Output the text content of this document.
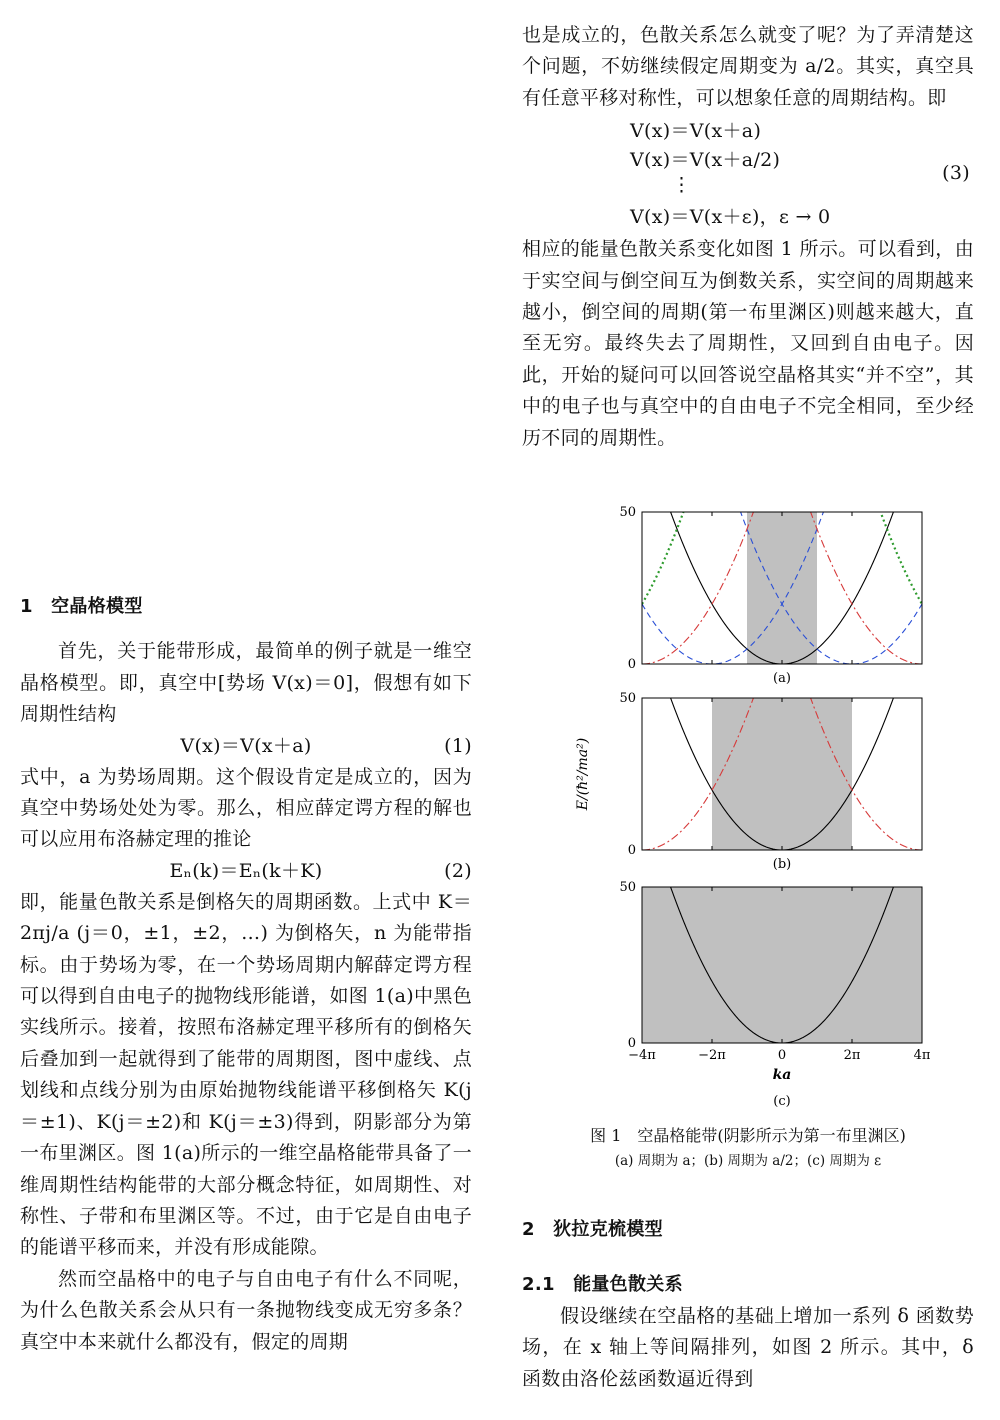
1　空晶格模型

首先，关于能带形成，最简单的例子就是一维空晶格模型。即，真空中[势场 V(x)＝0]，假想有如下周期性结构

V(x)＝V(x＋a)	(1)

式中，a 为势场周期。这个假设肯定是成立的，因为真空中势场处处为零。那么，相应薛定谔方程的解也可以应用布洛赫定理的推论

Eₙ(k)＝Eₙ(k＋K)	(2)

即，能量色散关系是倒格矢的周期函数。上式中 K＝2πj/a (j＝0，±1，±2，…) 为倒格矢，n 为能带指标。由于势场为零，在一个势场周期内解薛定谔方程可以得到自由电子的抛物线形能谱，如图 1(a)中黑色实线所示。接着，按照布洛赫定理平移所有的倒格矢后叠加到一起就得到了能带的周期图，图中虚线、点划线和点线分别为由原始抛物线能谱平移倒格矢 K(j＝±1)、K(j＝±2)和 K(j＝±3)得到，阴影部分为第一布里渊区。图 1(a)所示的一维空晶格能带具备了一维周期性结构能带的大部分概念特征，如周期性、对称性、子带和布里渊区等。不过，由于它是自由电子的能谱平移而来，并没有形成能隙。

然而空晶格中的电子与自由电子有什么不同呢，为什么色散关系会从只有一条抛物线变成无穷多条？真空中本来就什么都没有，假定的周期

也是成立的，色散关系怎么就变了呢？为了弄清楚这个问题，不妨继续假定周期变为 a/2。其实，真空具有任意平移对称性，可以想象任意的周期结构。即

V(x)＝V(x＋a)
V(x)＝V(x＋a/2)
⋮
V(x)＝V(x＋ε)，ε → 0
(3)

相应的能量色散关系变化如图 1 所示。可以看到，由于实空间与倒空间互为倒数关系，实空间的周期越来越小，倒空间的周期(第一布里渊区)则越来越大，直至无穷。最终失去了周期性，又回到自由电子。因此，开始的疑问可以回答说空晶格其实“并不空”，其中的电子也与真空中的自由电子不完全相同，至少经历不同的周期性。

0
50
(a)
0
50
(b)
0
50
(c)
−4π	−2π	0	2π	4π
ka
E/(ħ²/ma²)
图 1　空晶格能带(阴影所示为第一布里渊区)
(a) 周期为 a；(b) 周期为 a/2；(c) 周期为 ε

2　狄拉克梳模型

2.1　能量色散关系

假设继续在空晶格的基础上增加一系列 δ 函数势场，在 x 轴上等间隔排列，如图 2 所示。其中，δ 函数由洛伦兹函数逼近得到
